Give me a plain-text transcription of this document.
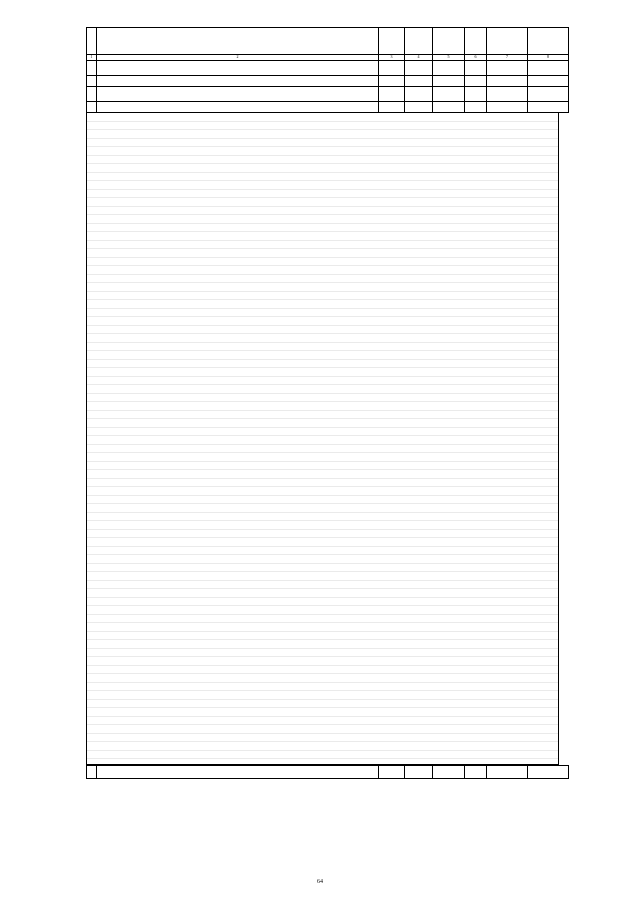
1	2	3	4	5	6	7	8

64
